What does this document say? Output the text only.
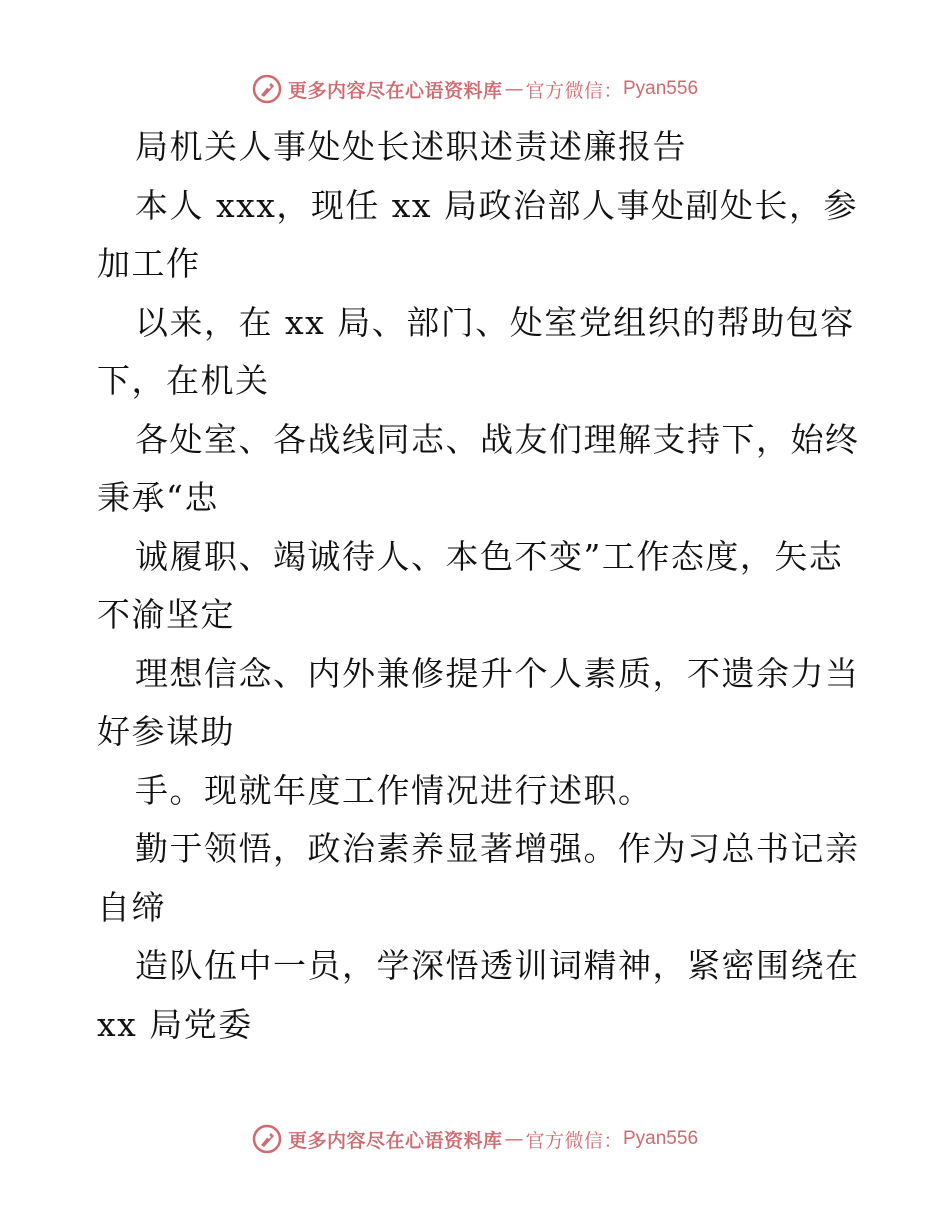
更多内容尽在心语资料库 — 官方微信： Pyan556
局机关人事处处长述职述责述廉报告
本人 xxx，现任 xx 局政治部人事处副处长，参
加工作
以来，在 xx 局、部门、处室党组织的帮助包容
下，在机关
各处室、各战线同志、战友们理解支持下，始终
秉承“忠
诚履职、竭诚待人、本色不变”工作态度，矢志
不渝坚定
理想信念、内外兼修提升个人素质，不遗余力当
好参谋助
手。现就年度工作情况进行述职。
勤于领悟，政治素养显著增强。作为习总书记亲
自缔
造队伍中一员，学深悟透训词精神，紧密围绕在
xx 局党委
更多内容尽在心语资料库 — 官方微信： Pyan556
